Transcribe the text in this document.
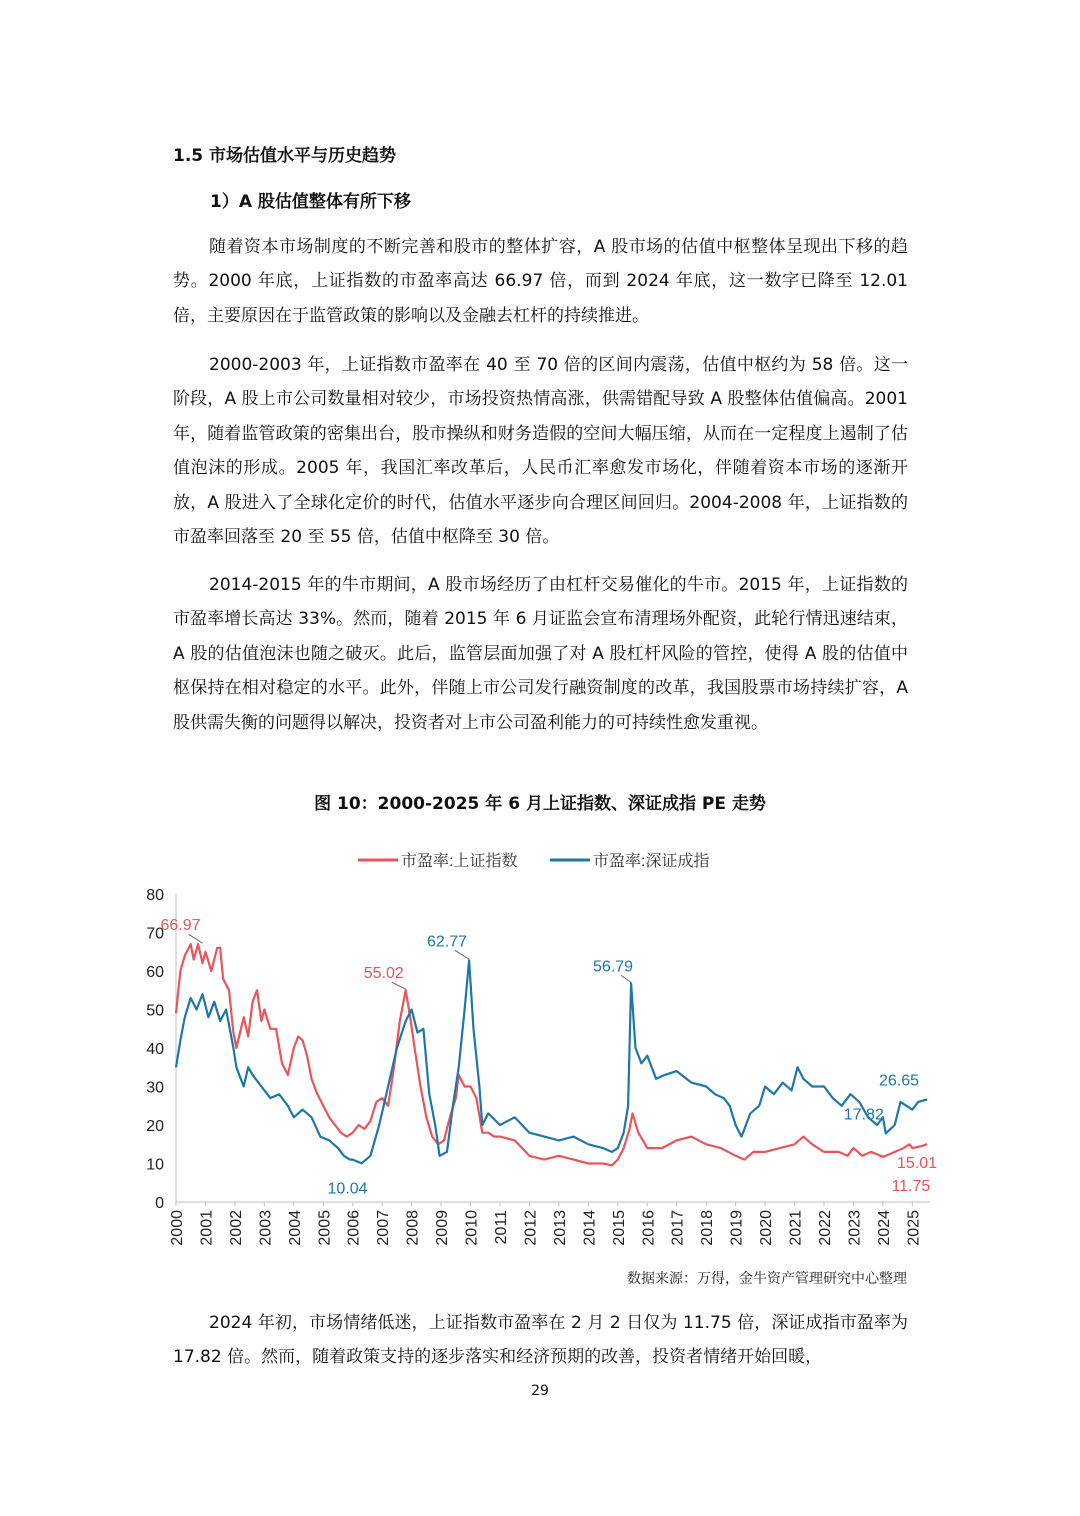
1.5 市场估值水平与历史趋势
1）A 股估值整体有所下移

随着资本市场制度的不断完善和股市的整体扩容，A 股市场的估值中枢整体呈现出下移的趋势。2000 年底，上证指数的市盈率高达 66.97 倍，而到 2024 年底，这一数字已降至 12.01 倍，主要原因在于监管政策的影响以及金融去杠杆的持续推进。

2000-2003 年，上证指数市盈率在 40 至 70 倍的区间内震荡，估值中枢约为 58 倍。这一阶段，A 股上市公司数量相对较少，市场投资热情高涨，供需错配导致 A 股整体估值偏高。2001 年，随着监管政策的密集出台，股市操纵和财务造假的空间大幅压缩，从而在一定程度上遏制了估值泡沫的形成。2005 年，我国汇率改革后，人民币汇率愈发市场化，伴随着资本市场的逐渐开放，A 股进入了全球化定价的时代，估值水平逐步向合理区间回归。2004-2008 年，上证指数的市盈率回落至 20 至 55 倍，估值中枢降至 30 倍。

2014-2015 年的牛市期间，A 股市场经历了由杠杆交易催化的牛市。2015 年，上证指数的市盈率增长高达 33%。然而，随着 2015 年 6 月证监会宣布清理场外配资，此轮行情迅速结束，A 股的估值泡沫也随之破灭。此后，监管层面加强了对 A 股杠杆风险的管控，使得 A 股的估值中枢保持在相对稳定的水平。此外，伴随上市公司发行融资制度的改革，我国股票市场持续扩容，A 股供需失衡的问题得以解决，投资者对上市公司盈利能力的可持续性愈发重视。

图 10：2000-2025 年 6 月上证指数、深证成指 PE 走势
0
10
20
30
40
50
60
70
80
2000 2001 2002 2003 2004 2005 2006 2007 2008 2009 2010 2011 2012 2013 2014 2015 2016 2017 2018 2019 2020 2021 2022 2023 2024 2025
市盈率:上证指数	市盈率:深证成指
66.97
55.02
11.75
15.01
10.04
62.77
56.79
17.82
26.65
数据来源：万得，金牛资产管理研究中心整理

2024 年初，市场情绪低迷，上证指数市盈率在 2 月 2 日仅为 11.75 倍，深证成指市盈率为 17.82 倍。然而，随着政策支持的逐步落实和经济预期的改善，投资者情绪开始回暖，

29
